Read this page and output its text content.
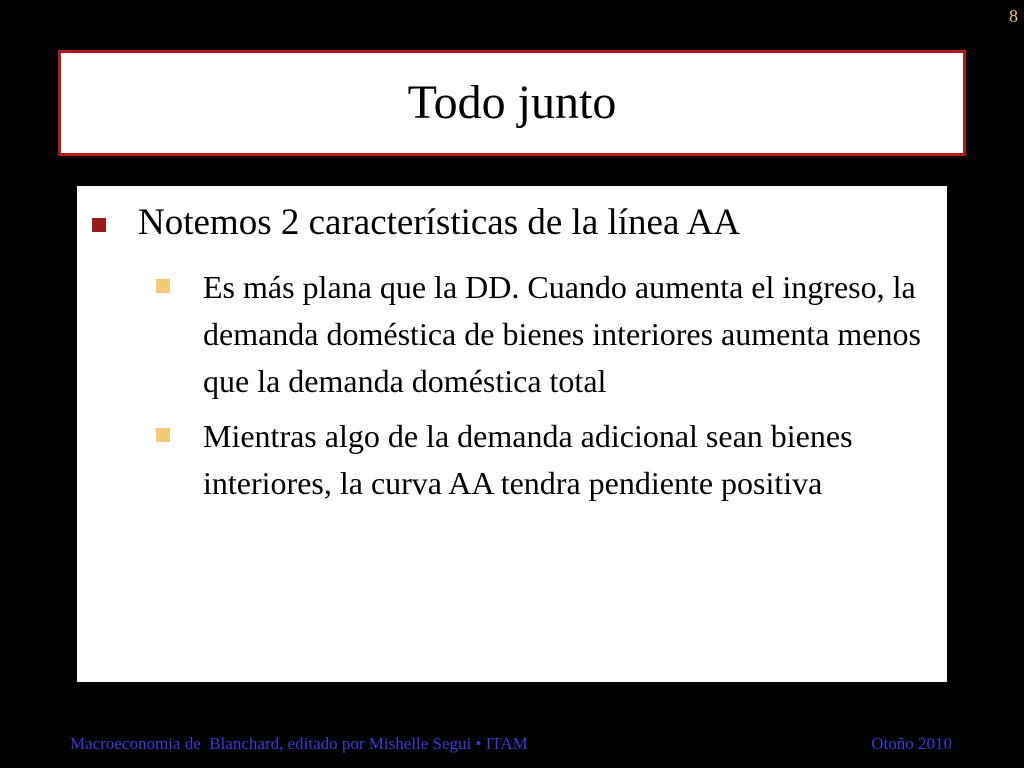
8
Todo junto
Notemos 2 características de la línea AA
Es más plana que la DD. Cuando aumenta el ingreso, la demanda doméstica de bienes interiores aumenta menos que la demanda doméstica total
Mientras algo de la demanda adicional sean bienes interiores, la curva AA tendra pendiente positiva
Macroeconomia de  Blanchard, editado por Mishelle Segui • ITAM	Otoño 2010
